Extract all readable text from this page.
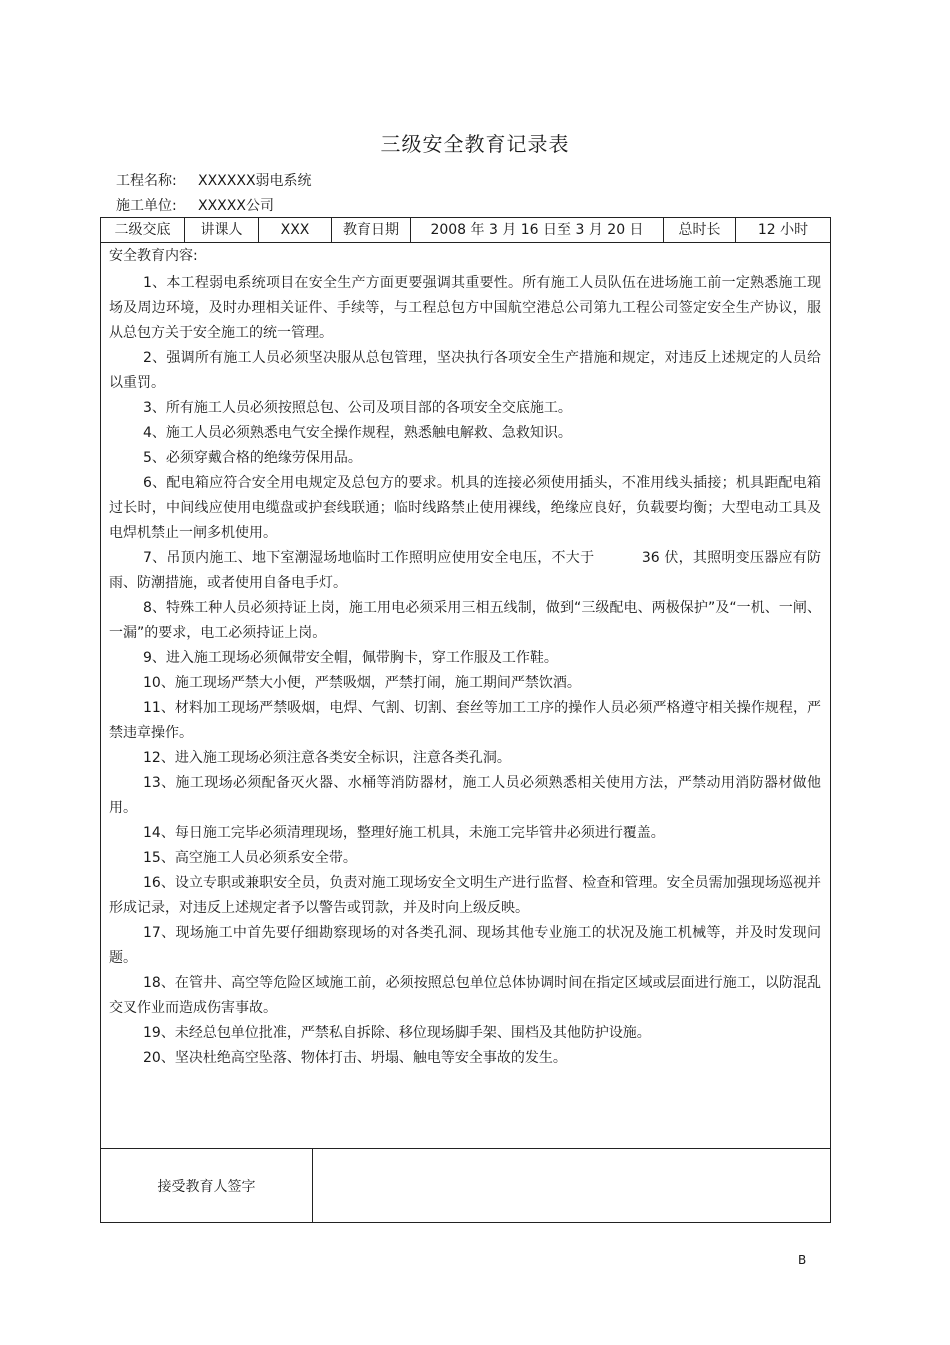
三级安全教育记录表
工程名称: XXXXXX弱电系统
施工单位: XXXXX公司
二级交底	讲课人	XXX	教育日期	2008 年 3 月 16 日至 3 月 20 日	总时长	12 小时
安全教育内容:

1、本工程弱电系统项目在安全生产方面更要强调其重要性。所有施工人员队伍在进场施工前一定熟悉施工现场及周边环境，及时办理相关证件、手续等，与工程总包方中国航空港总公司第九工程公司签定安全生产协议，服从总包方关于安全施工的统一管理。

2、强调所有施工人员必须坚决服从总包管理，坚决执行各项安全生产措施和规定，对违反上述规定的人员给以重罚。

3、所有施工人员必须按照总包、公司及项目部的各项安全交底施工。

4、施工人员必须熟悉电气安全操作规程，熟悉触电解救、急救知识。

5、必须穿戴合格的绝缘劳保用品。

6、配电箱应符合安全用电规定及总包方的要求。机具的连接必须使用插头，不准用线头插接；机具距配电箱过长时，中间线应使用电缆盘或护套线联通；临时线路禁止使用裸线，绝缘应良好，负载要均衡；大型电动工具及电焊机禁止一闸多机使用。

7、吊顶内施工、地下室潮湿场地临时工作照明应使用安全电压，不大于　　　 36 伏，其照明变压器应有防雨、防潮措施，或者使用自备电手灯。

8、特殊工种人员必须持证上岗，施工用电必须采用三相五线制，做到“三级配电、两极保护”及“一机、一闸、一漏”的要求，电工必须持证上岗。

9、进入施工现场必须佩带安全帽，佩带胸卡，穿工作服及工作鞋。

10、施工现场严禁大小便，严禁吸烟，严禁打闹，施工期间严禁饮酒。

11、材料加工现场严禁吸烟，电焊、气割、切割、套丝等加工工序的操作人员必须严格遵守相关操作规程，严禁违章操作。

12、进入施工现场必须注意各类安全标识，注意各类孔洞。

13、施工现场必须配备灭火器、水桶等消防器材，施工人员必须熟悉相关使用方法，严禁动用消防器材做他用。

14、每日施工完毕必须清理现场，整理好施工机具，未施工完毕管井必须进行覆盖。

15、高空施工人员必须系安全带。

16、设立专职或兼职安全员，负责对施工现场安全文明生产进行监督、检查和管理。安全员需加强现场巡视并形成记录，对违反上述规定者予以警告或罚款，并及时向上级反映。

17、现场施工中首先要仔细勘察现场的对各类孔洞、现场其他专业施工的状况及施工机械等，并及时发现问题。

18、在管井、高空等危险区域施工前，必须按照总包单位总体协调时间在指定区域或层面进行施工，以防混乱交叉作业而造成伤害事故。

19、未经总包单位批准，严禁私自拆除、移位现场脚手架、围档及其他防护设施。

20、坚决杜绝高空坠落、物体打击、坍塌、触电等安全事故的发生。

接受教育人签字
B
